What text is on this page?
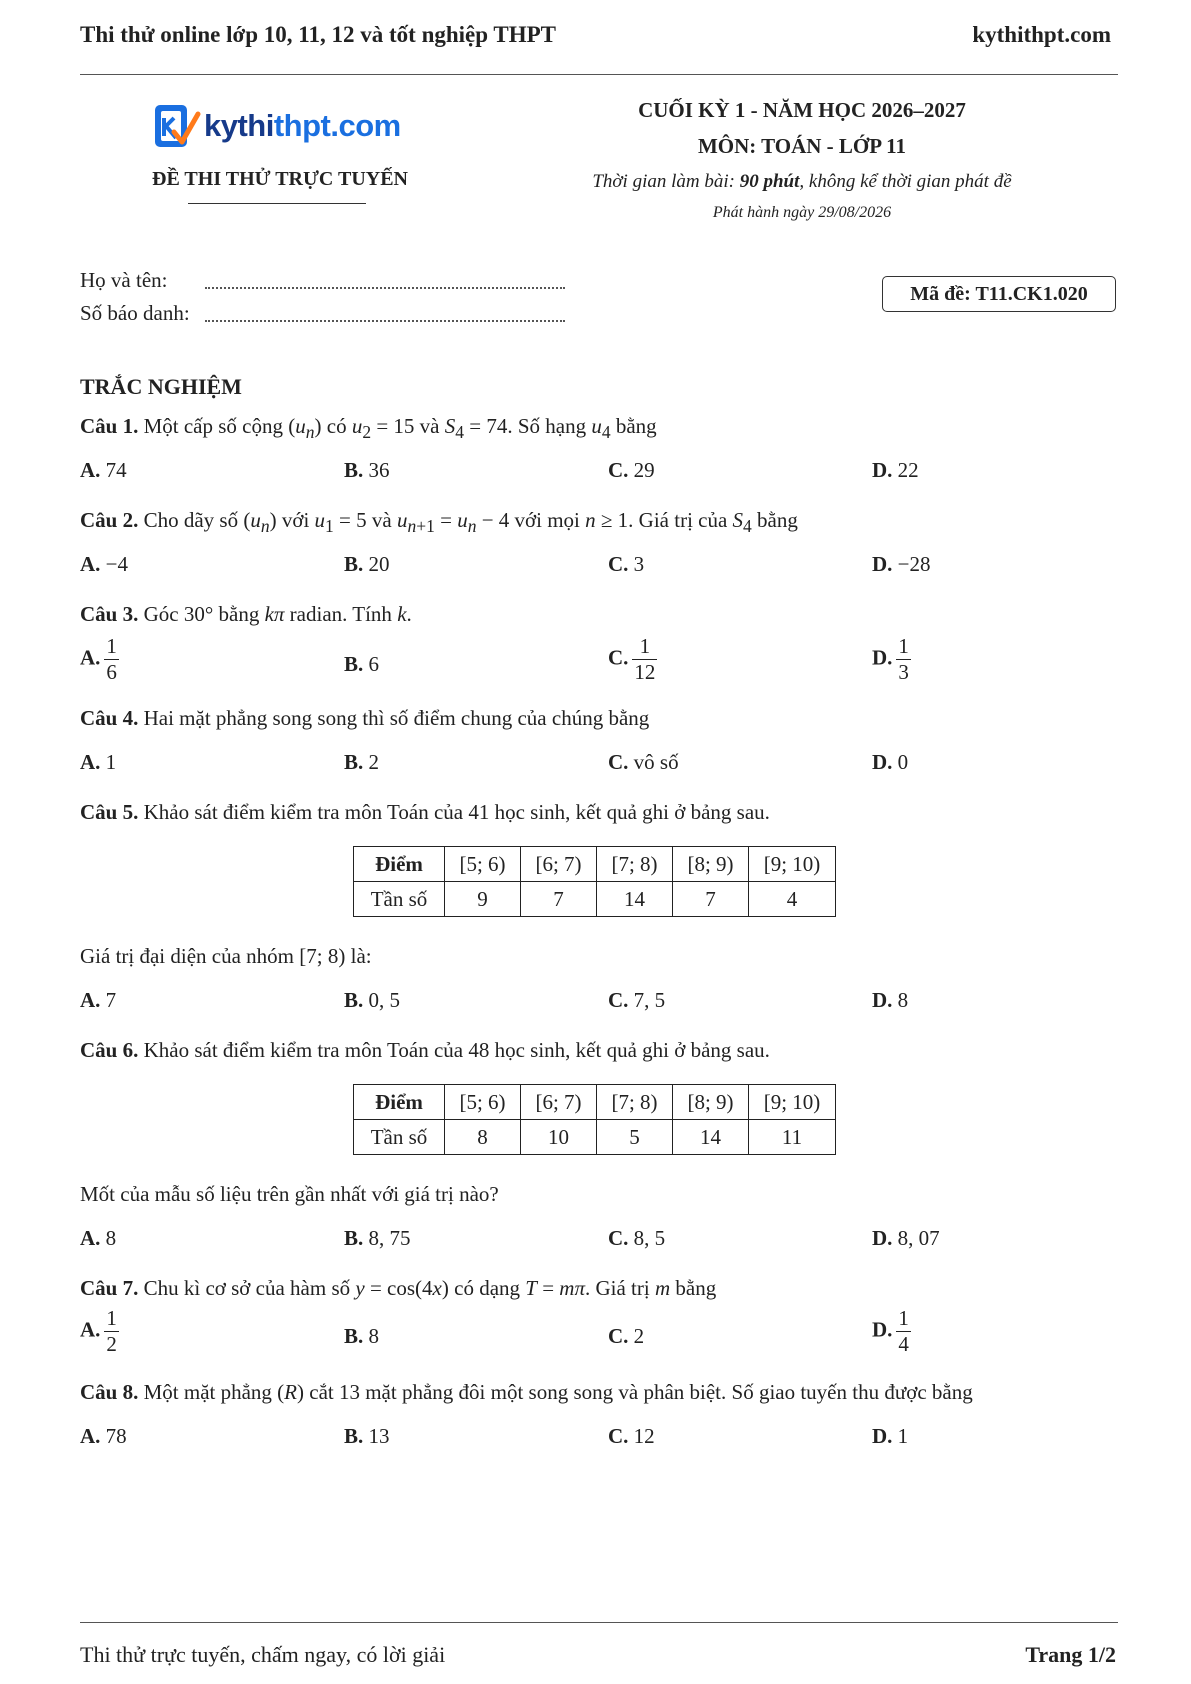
Thi thử online lớp 10, 11, 12 và tốt nghiệp THPT	kythithpt.com
kythithpt.com
ĐỀ THI THỬ TRỰC TUYẾN
CUỐI KỲ 1 - NĂM HỌC 2026–2027
MÔN: TOÁN - LỚP 11
Thời gian làm bài: 90 phút, không kể thời gian phát đề
Phát hành ngày 29/08/2026
Họ và tên:
Số báo danh:
Mã đề: T11.CK1.020
TRẮC NGHIỆM
Câu 1. Một cấp số cộng $(u_n)$ có $u_2 = 15$ và $S_4 = 74$. Số hạng $u_4$ bằng
A. 74	B. 36	C. 29	D. 22
Câu 2. Cho dãy số $(u_n)$ với $u_1 = 5$ và $u_{n+1} = u_n - 4$ với mọi n ≥ 1. Giá trị của $S_4$ bằng
A. −4	B. 20	C. 3	D. −28
Câu 3. Góc 30° bằng kπ radian. Tính k.
A. $\frac{1}{6}$	B. 6	C. $\frac{1}{12}$	D. $\frac{1}{3}$
Câu 4. Hai mặt phẳng song song thì số điểm chung của chúng bằng
A. 1	B. 2	C. vô số	D. 0
Câu 5. Khảo sát điểm kiểm tra môn Toán của 41 học sinh, kết quả ghi ở bảng sau.
Điểm	[5; 6)	[6; 7)	[7; 8)	[8; 9)	[9; 10)
Tần số	9	7	14	7	4
Giá trị đại diện của nhóm [7; 8) là:
A. 7	B. 0, 5	C. 7, 5	D. 8
Câu 6. Khảo sát điểm kiểm tra môn Toán của 48 học sinh, kết quả ghi ở bảng sau.
Điểm	[5; 6)	[6; 7)	[7; 8)	[8; 9)	[9; 10)
Tần số	8	10	5	14	11
Mốt của mẫu số liệu trên gần nhất với giá trị nào?
A. 8	B. 8, 75	C. 8, 5	D. 8, 07
Câu 7. Chu kì cơ sở của hàm số y = cos(4x) có dạng T = mπ. Giá trị m bằng
A. $\frac{1}{2}$	B. 8	C. 2	D. $\frac{1}{4}$
Câu 8. Một mặt phẳng (R) cắt 13 mặt phẳng đôi một song song và phân biệt. Số giao tuyến thu được bằng
A. 78	B. 13	C. 12	D. 1
Thi thử trực tuyến, chấm ngay, có lời giải	Trang 1/2
